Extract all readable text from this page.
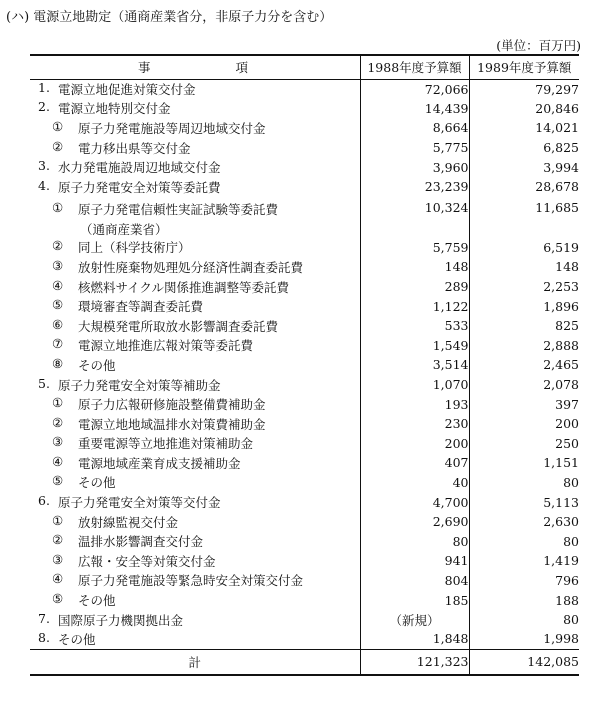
(ハ) 電源立地勘定（通商産業省分，非原子力分を含む）
(単位：百万円)
事 項	1988年度予算額	1989年度予算額

1. 電源立地促進対策交付金	72,066	79,297

2. 電源立地特別交付金	14,439	20,846

① 原子力発電施設等周辺地域交付金	8,664	14,021

② 電力移出県等交付金	5,775	6,825

3. 水力発電施設周辺地域交付金	3,960	3,994

4. 原子力発電安全対策等委託費	23,239	28,678

① 原子力発電信頼性実証試験等委託費
（通商産業省）	10,324	11,685

② 同上（科学技術庁）	5,759	6,519

③ 放射性廃棄物処理処分経済性調査委託費	148	148

④ 核燃料サイクル関係推進調整等委託費	289	2,253

⑤ 環境審査等調査委託費	1,122	1,896

⑥ 大規模発電所取放水影響調査委託費	533	825

⑦ 電源立地推進広報対策等委託費	1,549	2,888

⑧ その他	3,514	2,465

5. 原子力発電安全対策等補助金	1,070	2,078

① 原子力広報研修施設整備費補助金	193	397

② 電源立地地域温排水対策費補助金	230	200

③ 重要電源等立地推進対策補助金	200	250

④ 電源地域産業育成支援補助金	407	1,151

⑤ その他	40	80

6. 原子力発電安全対策等交付金	4,700	5,113

① 放射線監視交付金	2,690	2,630

② 温排水影響調査交付金	80	80

③ 広報・安全等対策交付金	941	1,419

④ 原子力発電施設等緊急時安全対策交付金	804	796

⑤ その他	185	188

7. 国際原子力機関拠出金	（新規）	80

8. その他	1,848	1,998
計	121,323	142,085
